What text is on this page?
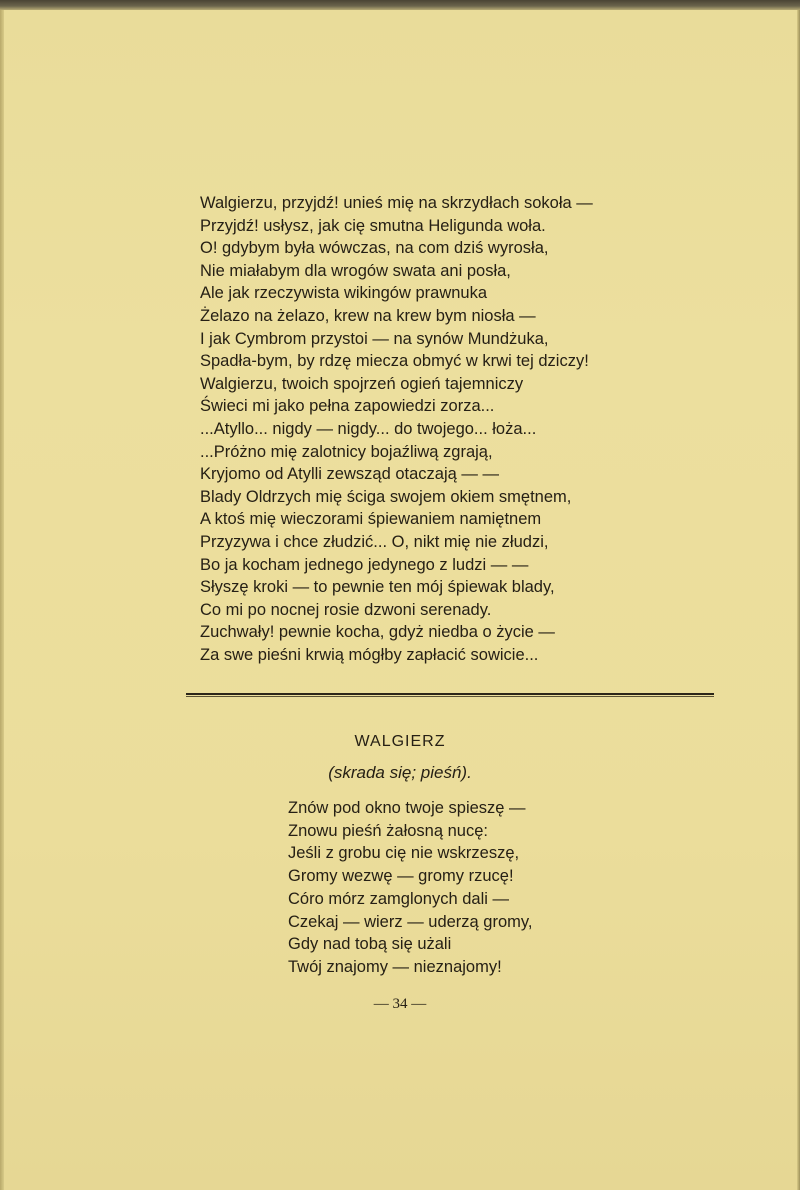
Walgierzu, przyjdź! unieś mię na skrzydłach sokoła —
Przyjdź! usłysz, jak cię smutna Heligunda woła.
O! gdybym była wówczas, na com dziś wyrosła,
Nie miałabym dla wrogów swata ani posła,
Ale jak rzeczywista wikingów prawnuka
Żelazo na żelazo, krew na krew bym niosła —
I jak Cymbrom przystoi — na synów Mundżuka,
Spadła-bym, by rdzę miecza obmyć w krwi tej dziczy!
Walgierzu, twoich spojrzeń ogień tajemniczy
Świeci mi jako pełna zapowiedzi zorza...
...Atyllo... nigdy — nigdy... do twojego... łoża...
...Próżno mię zalotnicy bojaźliwą zgrają,
Kryjomo od Atylli zewsząd otaczają — —
Blady Oldrzych mię ściga swojem okiem smętnem,
A ktoś mię wieczorami śpiewaniem namiętnem
Przyzywa i chce złudzić... O, nikt mię nie złudzi,
Bo ja kocham jednego jedynego z ludzi — —
Słyszę kroki — to pewnie ten mój śpiewak blady,
Co mi po nocnej rosie dzwoni serenady.
Zuchwały! pewnie kocha, gdyż niedba o życie —
Za swe pieśni krwią mógłby zapłacić sowicie...
WALGIERZ
(skrada się; pieśń).
Znów pod okno twoje spieszę —
Znowu pieśń żałosną nucę:
Jeśli z grobu cię nie wskrzeszę,
Gromy wezwę — gromy rzucę!
Córo mórz zamglonych dali —
Czekaj — wierz — uderzą gromy,
Gdy nad tobą się użali
Twój znajomy — nieznajomy!
— 34 —
